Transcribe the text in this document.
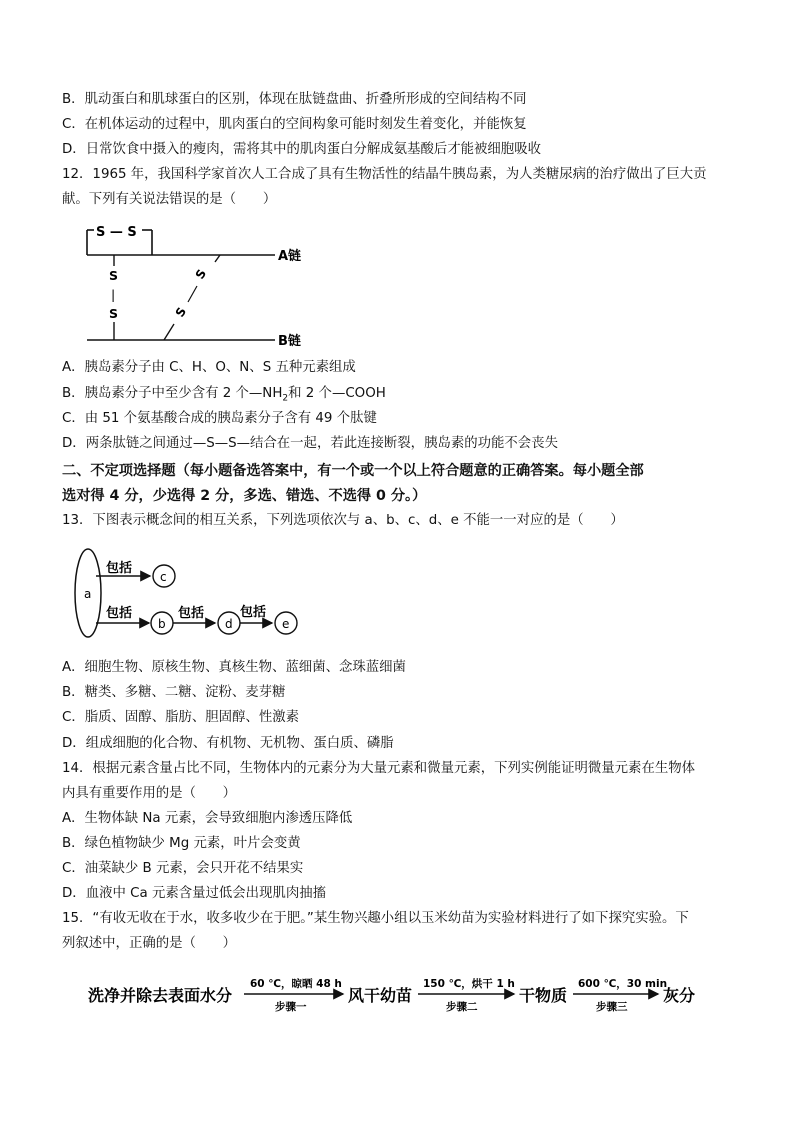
B．肌动蛋白和肌球蛋白的区别，体现在肽链盘曲、折叠所形成的空间结构不同
C．在机体运动的过程中，肌肉蛋白的空间构象可能时刻发生着变化，并能恢复
D．日常饮食中摄入的瘦肉，需将其中的肌肉蛋白分解成氨基酸后才能被细胞吸收
12．1965 年，我国科学家首次人工合成了具有生物活性的结晶牛胰岛素，为人类糖尿病的治疗做出了巨大贡
献。下列有关说法错误的是（　　）
S — S
A链
S
|
S
S
S
B链
A．胰岛素分子由 C、H、O、N、S 五种元素组成
B．胰岛素分子中至少含有 2 个$—NH_2$和 2 个—COOH
C．由 51 个氨基酸合成的胰岛素分子含有 49 个肽键
D．两条肽链之间通过—S—S—结合在一起，若此连接断裂，胰岛素的功能不会丧失
二、不定项选择题（每小题备选答案中，有一个或一个以上符合题意的正确答案。每小题全部
选对得 4 分，少选得 2 分，多选、错选、不选得 0 分。）
13．下图表示概念间的相互关系，下列选项依次与 a、b、c、d、e 不能一一对应的是（　　）
a
包括
c
包括
b
包括
d
包括
e
A．细胞生物、原核生物、真核生物、蓝细菌、念珠蓝细菌
B．糖类、多糖、二糖、淀粉、麦芽糖
C．脂质、固醇、脂肪、胆固醇、性激素
D．组成细胞的化合物、有机物、无机物、蛋白质、磷脂
14．根据元素含量占比不同，生物体内的元素分为大量元素和微量元素，下列实例能证明微量元素在生物体
内具有重要作用的是（　　）
A．生物体缺 Na 元素，会导致细胞内渗透压降低
B．绿色植物缺少 Mg 元素，叶片会变黄
C．油菜缺少 B 元素，会只开花不结果实
D．血液中 Ca 元素含量过低会出现肌肉抽搐
15．“有收无收在于水，收多收少在于肥。”某生物兴趣小组以玉米幼苗为实验材料进行了如下探究实验。下
列叙述中，正确的是（　　）
洗净并除去表面水分
60 ℃，晾晒 48 h
步骤一
风干幼苗
150 ℃，烘干 1 h
步骤二
干物质
600 ℃，30 min
步骤三
灰分
